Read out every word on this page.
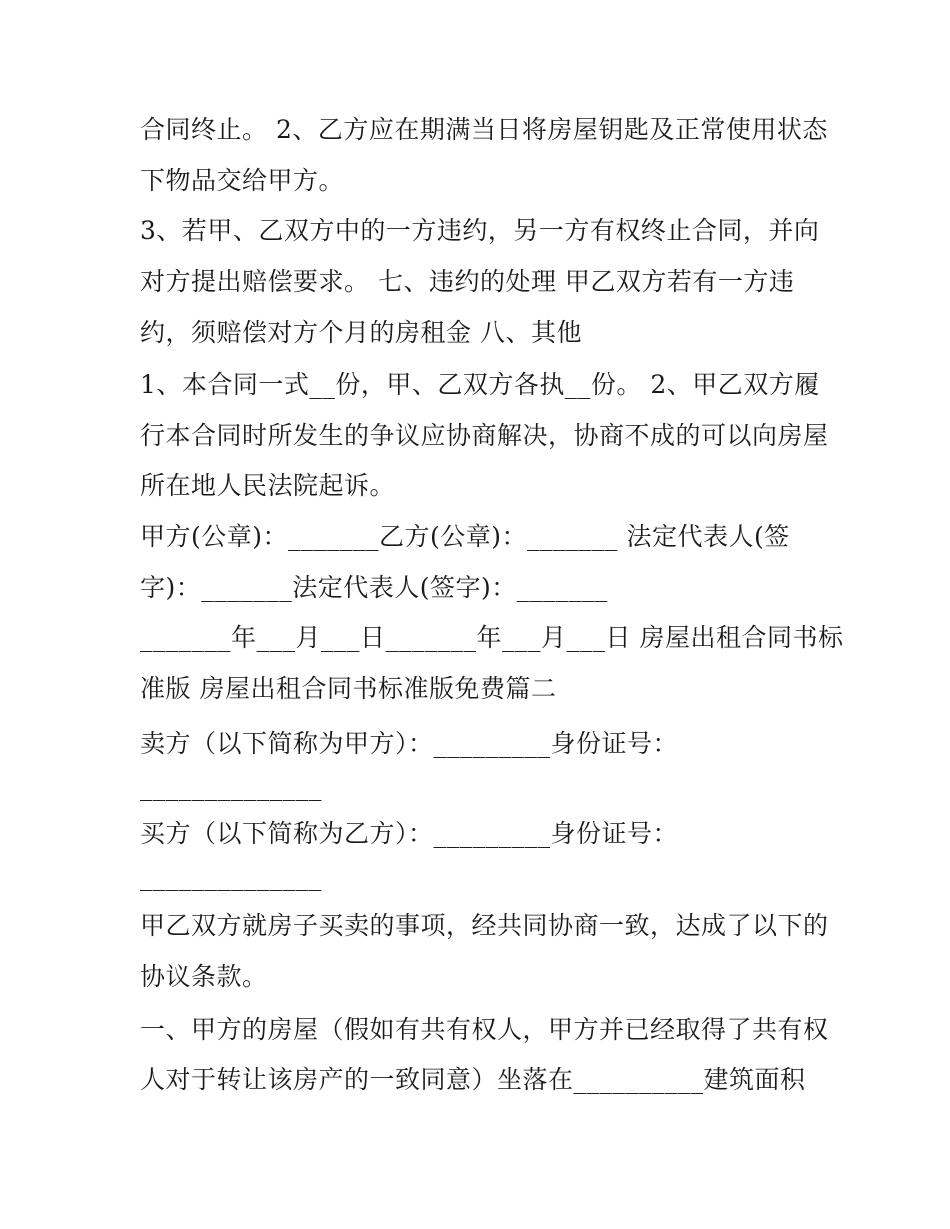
合同终止。 2、乙方应在期满当日将房屋钥匙及正常使用状态
下物品交给甲方。
3、若甲、乙双方中的一方违约，另一方有权终止合同，并向
对方提出赔偿要求。 七、违约的处理 甲乙双方若有一方违
约，须赔偿对方个月的房租金 八、其他
1、本合同一式__份，甲、乙双方各执__份。 2、甲乙双方履
行本合同时所发生的争议应协商解决，协商不成的可以向房屋
所在地人民法院起诉。
甲方(公章)：_______乙方(公章)：_______ 法定代表人(签
字)：_______法定代表人(签字)：_______
_______年___月___日_______年___月___日 房屋出租合同书标
准版 房屋出租合同书标准版免费篇二
卖方（以下简称为甲方）：_________身份证号：
______________
买方（以下简称为乙方）：_________身份证号：
______________
甲乙双方就房子买卖的事项，经共同协商一致，达成了以下的
协议条款。
一、甲方的房屋（假如有共有权人，甲方并已经取得了共有权
人对于转让该房产的一致同意）坐落在__________建筑面积
